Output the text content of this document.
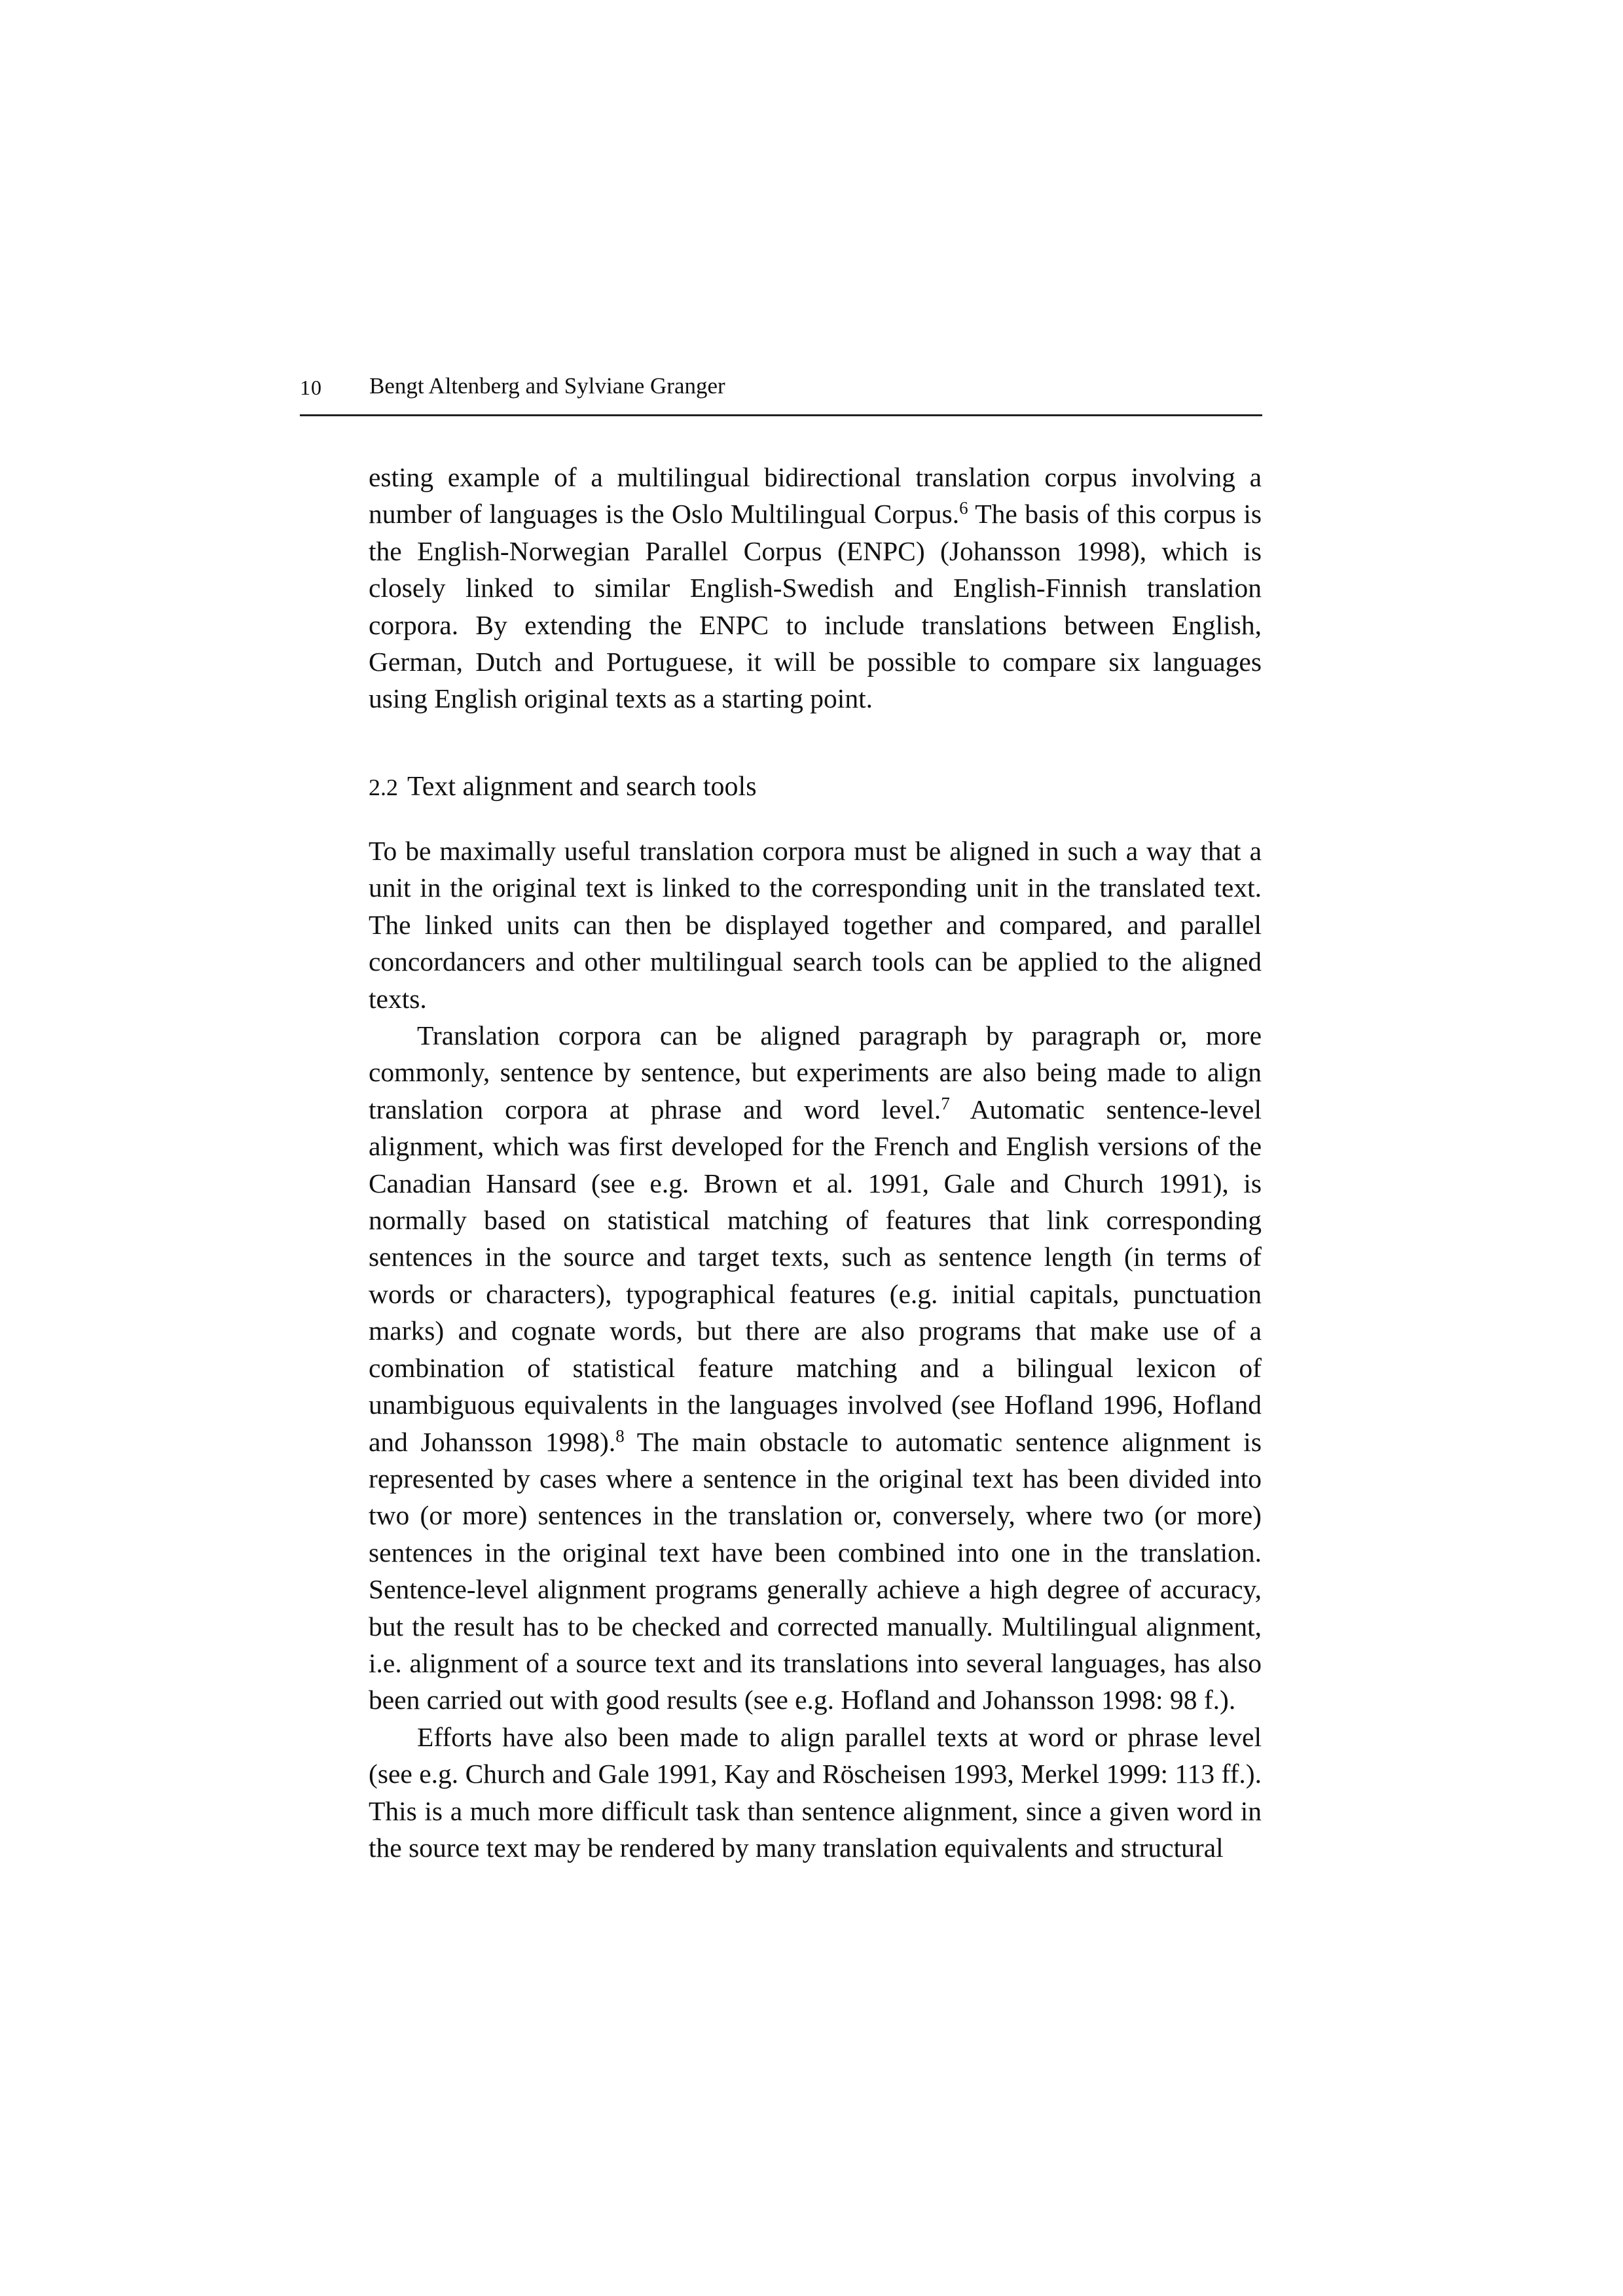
10 Bengt Altenberg and Sylviane Granger

esting example of a multilingual bidirectional translation corpus involving a number of languages is the Oslo Multilingual Corpus.$^6$ The basis of this corpus is the English-Norwegian Parallel Corpus (ENPC) (Johansson 1998), which is closely linked to similar English-Swedish and English-Finnish translation corpora. By extending the ENPC to include translations between English, German, Dutch and Portuguese, it will be possible to compare six languages using English original texts as a starting point.

2.2 Text alignment and search tools

To be maximally useful translation corpora must be aligned in such a way that a unit in the original text is linked to the corresponding unit in the translated text. The linked units can then be displayed together and compared, and parallel concordancers and other multilingual search tools can be applied to the aligned texts.

Translation corpora can be aligned paragraph by paragraph or, more commonly, sentence by sentence, but experiments are also being made to align translation corpora at phrase and word level.$^7$ Automatic sentence-level alignment, which was first developed for the French and English versions of the Canadian Hansard (see e.g. Brown et al. 1991, Gale and Church 1991), is normally based on statistical matching of features that link corresponding sentences in the source and target texts, such as sentence length (in terms of words or characters), typographical features (e.g. initial capitals, punctuation marks) and cognate words, but there are also programs that make use of a combination of statistical feature matching and a bilingual lexicon of unambiguous equivalents in the languages involved (see Hofland 1996, Hofland and Johansson 1998).$^8$ The main obstacle to automatic sentence alignment is represented by cases where a sentence in the original text has been divided into two (or more) sentences in the translation or, conversely, where two (or more) sentences in the original text have been combined into one in the translation. Sentence-level alignment programs generally achieve a high degree of accuracy, but the result has to be checked and corrected manually. Multilingual alignment, i.e. alignment of a source text and its translations into several languages, has also been carried out with good results (see e.g. Hofland and Johansson 1998: 98 f.).

Efforts have also been made to align parallel texts at word or phrase level (see e.g. Church and Gale 1991, Kay and Röscheisen 1993, Merkel 1999: 113 ff.). This is a much more difficult task than sentence alignment, since a given word in the source text may be rendered by many translation equivalents and structural
